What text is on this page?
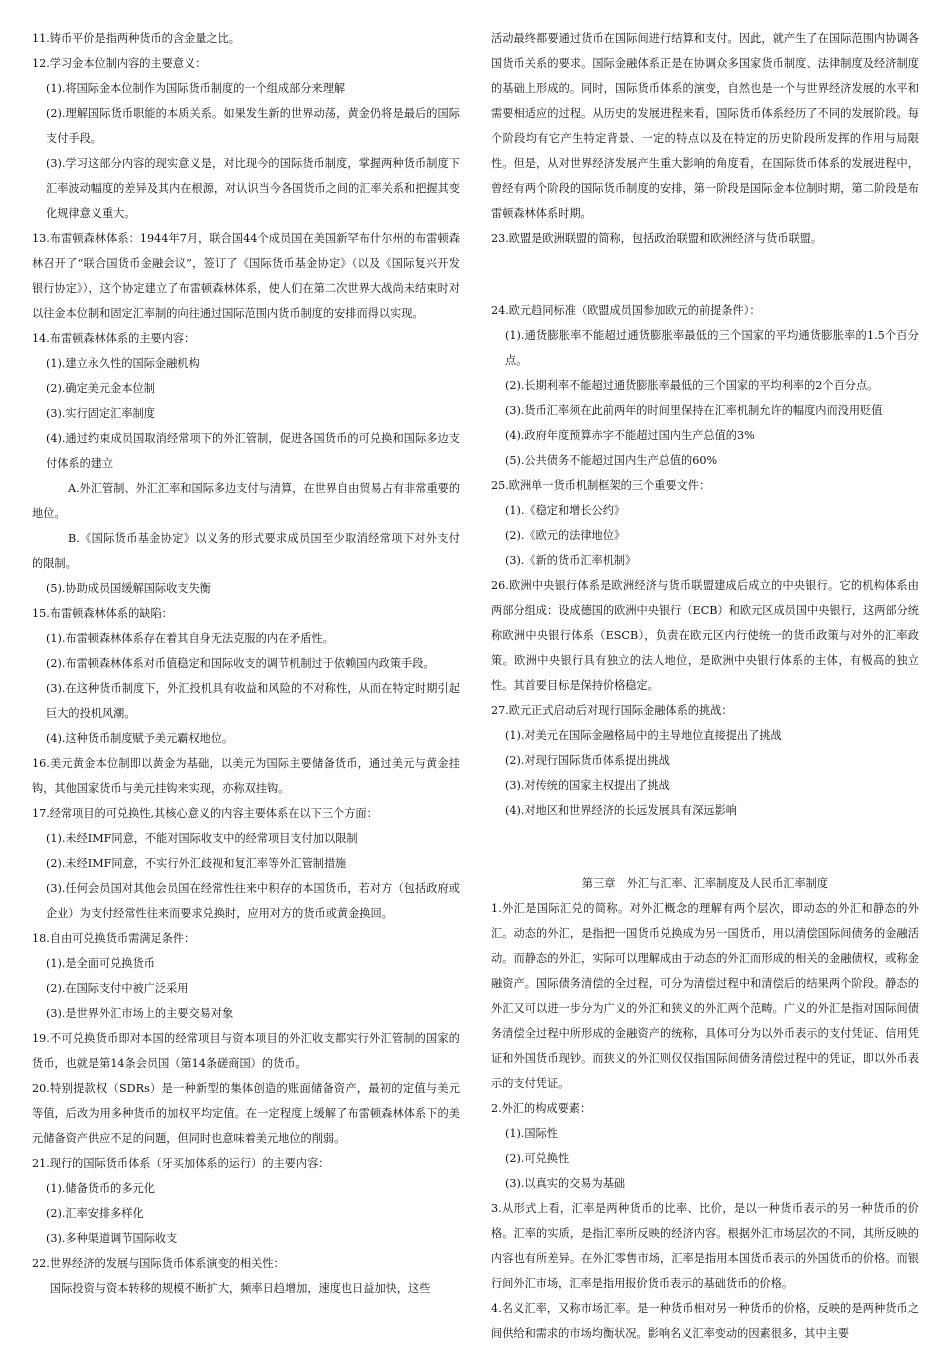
11.铸币平价是指两种货币的含金量之比。

12.学习金本位制内容的主要意义：

(1).将国际金本位制作为国际货币制度的一个组成部分来理解

(2).理解国际货币职能的本质关系。如果发生新的世界动荡，黄金仍将是最后的国际支付手段。

(3).学习这部分内容的现实意义是，对比现今的国际货币制度，掌握两种货币制度下汇率波动幅度的差异及其内在根源，对认识当今各国货币之间的汇率关系和把握其变化规律意义重大。

13.布雷顿森林体系：1944年7月，联合国44个成员国在美国新罕布什尔州的布雷顿森林召开了“联合国货币金融会议”，签订了《国际货币基金协定》（以及《国际复兴开发银行协定》），这个协定建立了布雷顿森林体系，使人们在第二次世界大战尚未结束时对以往金本位制和固定汇率制的向往通过国际范围内货币制度的安排而得以实现。

14.布雷顿森林体系的主要内容：

(1).建立永久性的国际金融机构

(2).确定美元金本位制

(3).实行固定汇率制度

(4).通过约束成员国取消经常项下的外汇管制，促进各国货币的可兑换和国际多边支付体系的建立

A.外汇管制、外汇汇率和国际多边支付与清算，在世界自由贸易占有非常重要的地位。

B.《国际货币基金协定》以义务的形式要求成员国至少取消经常项下对外支付的限制。

(5).协助成员国缓解国际收支失衡

15.布雷顿森林体系的缺陷：

(1).布雷顿森林体系存在着其自身无法克服的内在矛盾性。

(2).布雷顿森林体系对币值稳定和国际收支的调节机制过于依赖国内政策手段。

(3).在这种货币制度下，外汇投机具有收益和风险的不对称性，从而在特定时期引起巨大的投机风潮。

(4).这种货币制度赋予美元霸权地位。

16.美元黄金本位制即以黄金为基础，以美元为国际主要储备货币，通过美元与黄金挂钩，其他国家货币与美元挂钩来实现，亦称双挂钩。

17.经常项目的可兑换性,其核心意义的内容主要体系在以下三个方面：

(1).未经IMF同意，不能对国际收支中的经常项目支付加以限制

(2).未经IMF同意，不实行外汇歧视和复汇率等外汇管制措施

(3).任何会员国对其他会员国在经常性往来中积存的本国货币，若对方（包括政府或企业）为支付经常性往来而要求兑换时，应用对方的货币或黄金换回。

18.自由可兑换货币需满足条件：

(1).是全面可兑换货币

(2).在国际支付中被广泛采用

(3).是世界外汇市场上的主要交易对象

19.不可兑换货币即对本国的经常项目与资本项目的外汇收支都实行外汇管制的国家的货币，也就是第14条会员国（第14条磋商国）的货币。

20.特别提款权（SDRs）是一种新型的集体创造的账面储备资产，最初的定值与美元等值，后改为用多种货币的加权平均定值。在一定程度上缓解了布雷顿森林体系下的美元储备资产供应不足的问题，但同时也意味着美元地位的削弱。

21.现行的国际货币体系（牙买加体系的运行）的主要内容：

(1).储备货币的多元化

(2).汇率安排多样化

(3).多种渠道调节国际收支

22.世界经济的发展与国际货币体系演变的相关性：

国际投资与资本转移的规模不断扩大，频率日趋增加，速度也日益加快，这些

活动最终都要通过货币在国际间进行结算和支付。因此，就产生了在国际范围内协调各国货币关系的要求。国际金融体系正是在协调众多国家货币制度、法律制度及经济制度的基础上形成的。同时，国际货币体系的演变，自然也是一个与世界经济发展的水平和需要相适应的过程。从历史的发展进程来看，国际货币体系经历了不同的发展阶段。每个阶段均有它产生特定背景、一定的特点以及在特定的历史阶段所发挥的作用与局限性。但是，从对世界经济发展产生重大影响的角度看，在国际货币体系的发展进程中，曾经有两个阶段的国际货币制度的安排，第一阶段是国际金本位制时期，第二阶段是布雷顿森林体系时期。

23.欧盟是欧洲联盟的简称，包括政治联盟和欧洲经济与货币联盟。

24.欧元趋同标准（欧盟成员国参加欧元的前提条件）：

(1).通货膨胀率不能超过通货膨胀率最低的三个国家的平均通货膨胀率的1.5个百分点。

(2).长期利率不能超过通货膨胀率最低的三个国家的平均利率的2个百分点。

(3).货币汇率须在此前两年的时间里保持在汇率机制允许的幅度内而没用贬值

(4).政府年度预算赤字不能超过国内生产总值的3%

(5).公共债务不能超过国内生产总值的60%

25.欧洲单一货币机制框架的三个重要文件：

(1).《稳定和增长公约》

(2).《欧元的法律地位》

(3).《新的货币汇率机制》

26.欧洲中央银行体系是欧洲经济与货币联盟建成后成立的中央银行。它的机构体系由两部分组成：设成德国的欧洲中央银行（ECB）和欧元区成员国中央银行，这两部分统称欧洲中央银行体系（ESCB），负责在欧元区内行使统一的货币政策与对外的汇率政策。欧洲中央银行具有独立的法人地位，是欧洲中央银行体系的主体，有极高的独立性。其首要目标是保持价格稳定。

27.欧元正式启动后对现行国际金融体系的挑战：

(1).对美元在国际金融格局中的主导地位直接提出了挑战

(2).对现行国际货币体系提出挑战

(3).对传统的国家主权提出了挑战

(4).对地区和世界经济的长远发展具有深远影响

第三章　外汇与汇率、汇率制度及人民币汇率制度

1.外汇是国际汇兑的简称。对外汇概念的理解有两个层次，即动态的外汇和静态的外汇。动态的外汇，是指把一国货币兑换成为另一国货币，用以清偿国际间债务的金融活动。而静态的外汇，实际可以理解成由于动态的外汇而形成的相关的金融债权，或称金融资产。国际债务清偿的全过程，可分为清偿过程中和清偿后的结果两个阶段。静态的外汇又可以进一步分为广义的外汇和狭义的外汇两个范畴。广义的外汇是指对国际间债务清偿全过程中所形成的金融资产的统称，具体可分为以外币表示的支付凭证、信用凭证和外国货币现钞。而狭义的外汇则仅仅指国际间债务清偿过程中的凭证，即以外币表示的支付凭证。

2.外汇的构成要素：

(1).国际性

(2).可兑换性

(3).以真实的交易为基础

3.从形式上看，汇率是两种货币的比率、比价，是以一种货币表示的另一种货币的价格。汇率的实质，是指汇率所反映的经济内容。根据外汇市场层次的不同，其所反映的内容也有所差异。在外汇零售市场，汇率是指用本国货币表示的外国货币的价格。而银行间外汇市场，汇率是指用报价货币表示的基础货币的价格。

4.名义汇率，又称市场汇率。是一种货币相对另一种货币的价格，反映的是两种货币之间供给和需求的市场均衡状况。影响名义汇率变动的因素很多，其中主要
